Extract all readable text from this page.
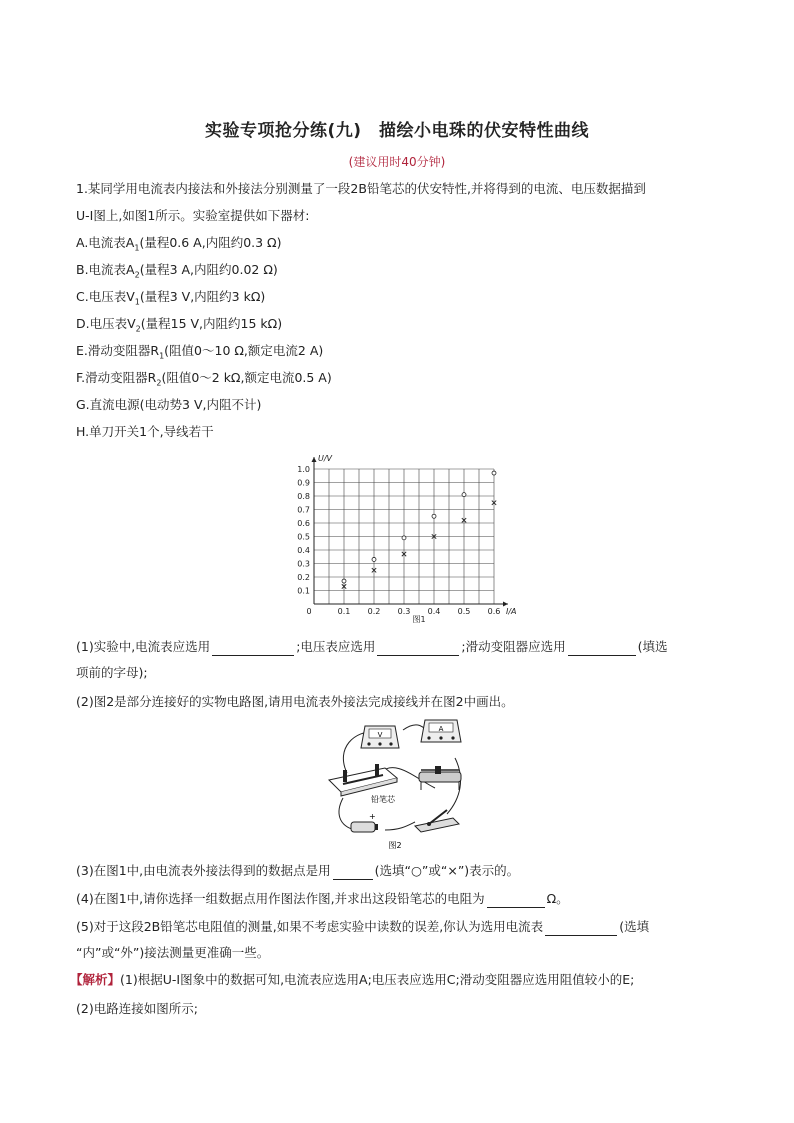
实验专项抢分练(九)　描绘小电珠的伏安特性曲线
(建议用时40分钟)
1.某同学用电流表内接法和外接法分别测量了一段2B铅笔芯的伏安特性,并将得到的电流、电压数据描到
U-I图上,如图1所示。实验室提供如下器材:
A.电流表$A_1$(量程0.6 A,内阻约0.3 Ω)
B.电流表$A_2$(量程3 A,内阻约0.02 Ω)
C.电压表$V_1$(量程3 V,内阻约3 kΩ)
D.电压表$V_2$(量程15 V,内阻约15 kΩ)
E.滑动变阻器$R_1$(阻值0～10 Ω,额定电流2 A)
F.滑动变阻器$R_2$(阻值0～2 kΩ,额定电流0.5 A)
G.直流电源(电动势3 V,内阻不计)
H.单刀开关1个,导线若干
0.1 0.2 0.3 0.4 0.5 0.6
0.1
0.2
0.3
0.4
0.5
0.6
0.7
0.8
0.9
1.0
0	I/A
U/V
图1
(1)实验中,电流表应选用	;电压表应选用	;滑动变阻器应选用	(填选
项前的字母);
(2)图2是部分连接好的实物电路图,请用电流表外接法完成接线并在图2中画出。
V
A
铅笔芯
+
图2
(3)在图1中,由电流表外接法得到的数据点是用	(选填“○”或“×”)表示的。
(4)在图1中,请你选择一组数据点用作图法作图,并求出这段铅笔芯的电阻为	Ω。
(5)对于这段2B铅笔芯电阻值的测量,如果不考虑实验中读数的误差,你认为选用电流表	(选填
“内”或“外”)接法测量更准确一些。
【解析】(1)根据U-I图象中的数据可知,电流表应选用A;电压表应选用C;滑动变阻器应选用阻值较小的E;
(2)电路连接如图所示;
